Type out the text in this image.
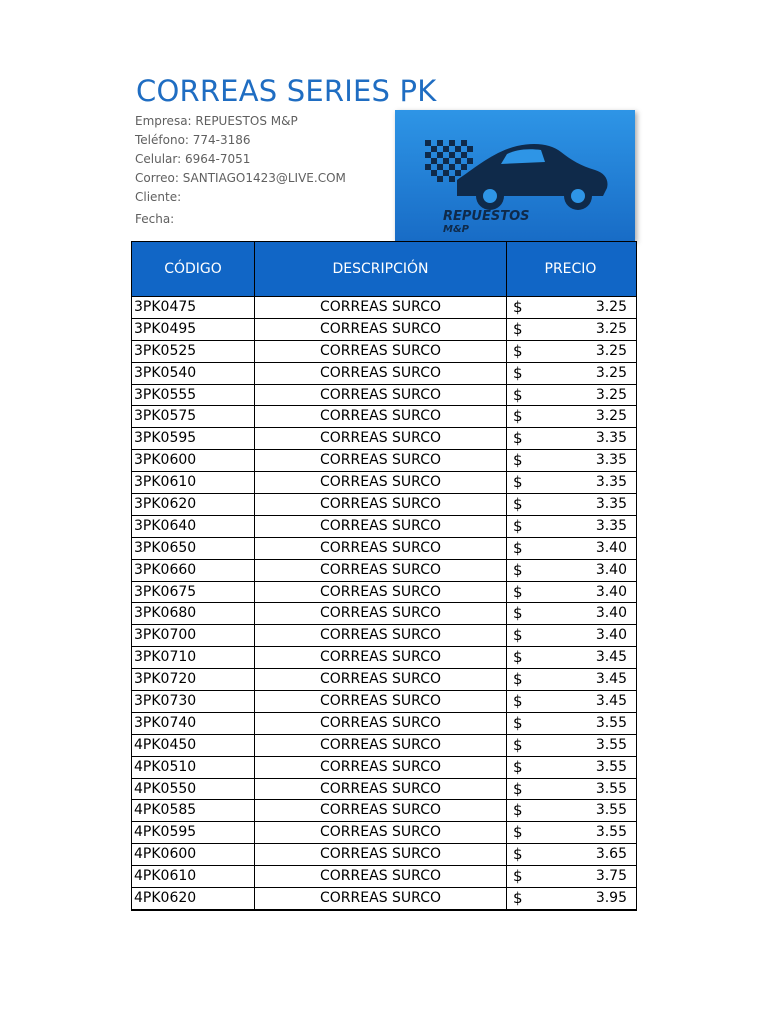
CORREAS SERIES PK
Empresa: REPUESTOS M&P
Teléfono: 774-3186
Celular: 6964-7051
Correo: SANTIAGO1423@LIVE.COM
Cliente:
Fecha:	REPUESTOS
M&P
CÓDIGO	DESCRIPCIÓN	PRECIO
3PK0475	CORREAS SURCO	$	3.25
3PK0495	CORREAS SURCO	$	3.25
3PK0525	CORREAS SURCO	$	3.25
3PK0540	CORREAS SURCO	$	3.25
3PK0555	CORREAS SURCO	$	3.25
3PK0575	CORREAS SURCO	$	3.25
3PK0595	CORREAS SURCO	$	3.35
3PK0600	CORREAS SURCO	$	3.35
3PK0610	CORREAS SURCO	$	3.35
3PK0620	CORREAS SURCO	$	3.35
3PK0640	CORREAS SURCO	$	3.35
3PK0650	CORREAS SURCO	$	3.40
3PK0660	CORREAS SURCO	$	3.40
3PK0675	CORREAS SURCO	$	3.40
3PK0680	CORREAS SURCO	$	3.40
3PK0700	CORREAS SURCO	$	3.40
3PK0710	CORREAS SURCO	$	3.45
3PK0720	CORREAS SURCO	$	3.45
3PK0730	CORREAS SURCO	$	3.45
3PK0740	CORREAS SURCO	$	3.55
4PK0450	CORREAS SURCO	$	3.55
4PK0510	CORREAS SURCO	$	3.55
4PK0550	CORREAS SURCO	$	3.55
4PK0585	CORREAS SURCO	$	3.55
4PK0595	CORREAS SURCO	$	3.55
4PK0600	CORREAS SURCO	$	3.65
4PK0610	CORREAS SURCO	$	3.75
4PK0620	CORREAS SURCO	$	3.95
